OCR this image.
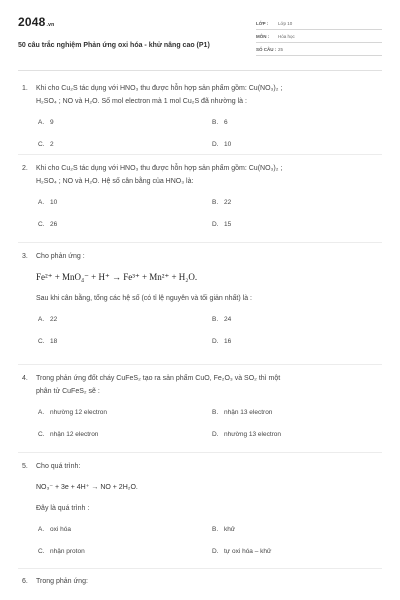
2048.vn
50 câu trắc nghiệm Phản ứng oxi hóa - khử nâng cao (P1)
LỚP :	Lớp 10
MÔN :	Hóa học
SỐ CÂU : 25
1.	Khi cho Cu₂S tác dụng với HNO₃ thu được hỗn hợp sản phẩm gồm: Cu(NO₃)₂ ;
H₂SO₄ ; NO và H₂O. Số mol electron mà 1 mol Cu₂S đã nhường là :
A. 9	B. 6
C. 2	D. 10
2.	Khi cho Cu₂S tác dụng với HNO₃ thu được hỗn hợp sản phẩm gồm: Cu(NO₃)₂ ;
H₂SO₄ ; NO và H₂O. Hệ số cân bằng của HNO₃ là:
A. 10	B. 22
C. 26	D. 15
3.	Cho phản ứng :
Fe²⁺ + MnO₄⁻ + H⁺ → Fe³⁺ + Mn²⁺ + H₂O.
Sau khi cân bằng, tổng các hệ số (có tỉ lệ nguyên và tối giản nhất) là :
A. 22	B. 24
C. 18	D. 16
4.	Trong phản ứng đốt cháy CuFeS₂ tạo ra sản phẩm CuO, Fe₂O₃ và SO₂ thì một
phân tử CuFeS₂ sẽ :
A. nhường 12 electron	B. nhận 13 electron
C. nhận 12 electron	D. nhường 13 electron
5.	Cho quá trình:
NO₃⁻ + 3e + 4H⁺ → NO + 2H₂O.
Đây là quá trình :
A. oxi hóa	B. khử
C. nhận proton	D. tự oxi hóa – khử
6.	Trong phản ứng:
